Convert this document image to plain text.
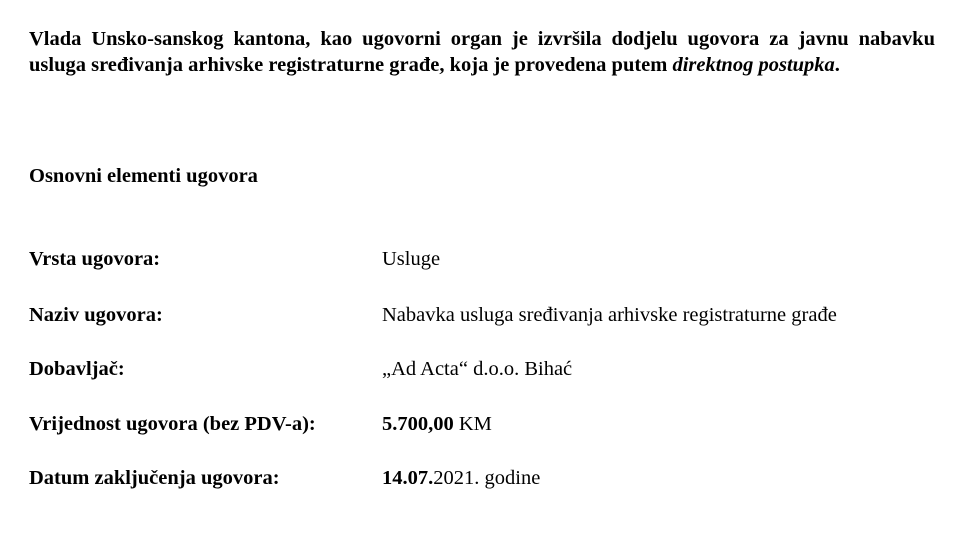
Vlada Unsko-sanskog kantona, kao ugovorni organ je izvršila dodjelu ugovora za javnu nabavku usluga sređivanja arhivske registraturne građe, koja je provedena putem direktnog postupka.

Osnovni elementi ugovora

Vrsta ugovora:	Usluge
Naziv ugovora:	Nabavka usluga sređivanja arhivske registraturne građe
Dobavljač:	„Ad Acta“ d.o.o. Bihać
Vrijednost ugovora (bez PDV-a):	5.700,00 KM
Datum zaključenja ugovora:	14.07.2021. godine
